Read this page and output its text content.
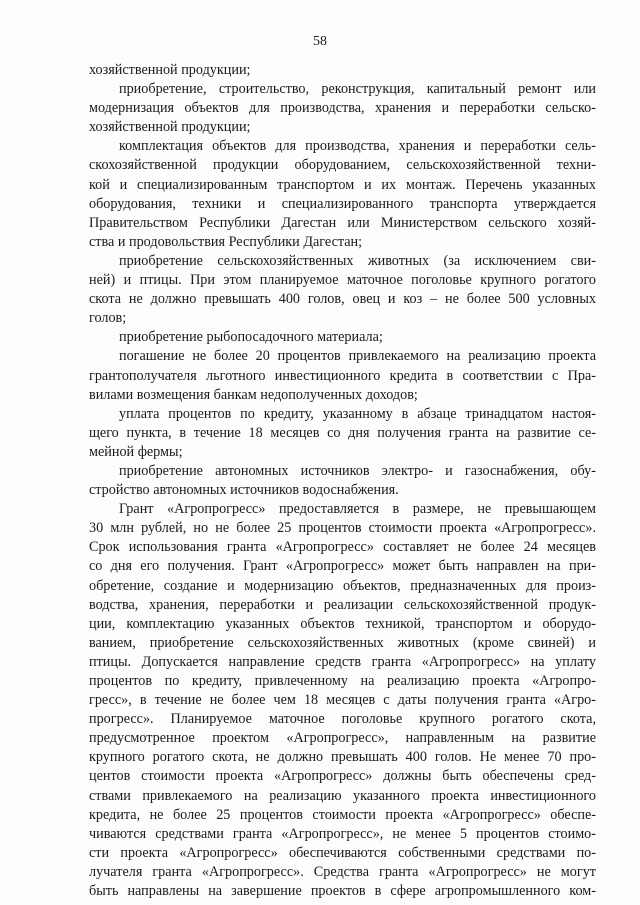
58
хозяйственной продукции;
приобретение, строительство, реконструкция, капитальный ремонт или
модернизация объектов для производства, хранения и переработки сельско-
хозяйственной продукции;
комплектация объектов для производства, хранения и переработки сель-
скохозяйственной продукции оборудованием, сельскохозяйственной техни-
кой и специализированным транспортом и их монтаж. Перечень указанных
оборудования, техники и специализированного транспорта утверждается
Правительством Республики Дагестан или Министерством сельского хозяй-
ства и продовольствия Республики Дагестан;
приобретение сельскохозяйственных животных (за исключением сви-
ней) и птицы. При этом планируемое маточное поголовье крупного рогатого
скота не должно превышать 400 голов, овец и коз – не более 500 условных
голов;
приобретение рыбопосадочного материала;
погашение не более 20 процентов привлекаемого на реализацию проекта
грантополучателя льготного инвестиционного кредита в соответствии с Пра-
вилами возмещения банкам недополученных доходов;
уплата процентов по кредиту, указанному в абзаце тринадцатом настоя-
щего пункта, в течение 18 месяцев со дня получения гранта на развитие се-
мейной фермы;
приобретение автономных источников электро- и газоснабжения, обу-
стройство автономных источников водоснабжения.
Грант «Агропрогресс» предоставляется в размере, не превышающем
30 млн рублей, но не более 25 процентов стоимости проекта «Агропрогресс».
Срок использования гранта «Агропрогресс» составляет не более 24 месяцев
со дня его получения. Грант «Агропрогресс» может быть направлен на при-
обретение, создание и модернизацию объектов, предназначенных для произ-
водства, хранения, переработки и реализации сельскохозяйственной продук-
ции, комплектацию указанных объектов техникой, транспортом и оборудо-
ванием, приобретение сельскохозяйственных животных (кроме свиней) и
птицы. Допускается направление средств гранта «Агропрогресс» на уплату
процентов по кредиту, привлеченному на реализацию проекта «Агропро-
гресс», в течение не более чем 18 месяцев с даты получения гранта «Агро-
прогресс». Планируемое маточное поголовье крупного рогатого скота,
предусмотренное проектом «Агропрогресс», направленным на развитие
крупного рогатого скота, не должно превышать 400 голов. Не менее 70 про-
центов стоимости проекта «Агропрогресс» должны быть обеспечены сред-
ствами привлекаемого на реализацию указанного проекта инвестиционного
кредита, не более 25 процентов стоимости проекта «Агропрогресс» обеспе-
чиваются средствами гранта «Агропрогресс», не менее 5 процентов стоимо-
сти проекта «Агропрогресс» обеспечиваются собственными средствами по-
лучателя гранта «Агропрогресс». Средства гранта «Агропрогресс» не могут
быть направлены на завершение проектов в сфере агропромышленного ком-
